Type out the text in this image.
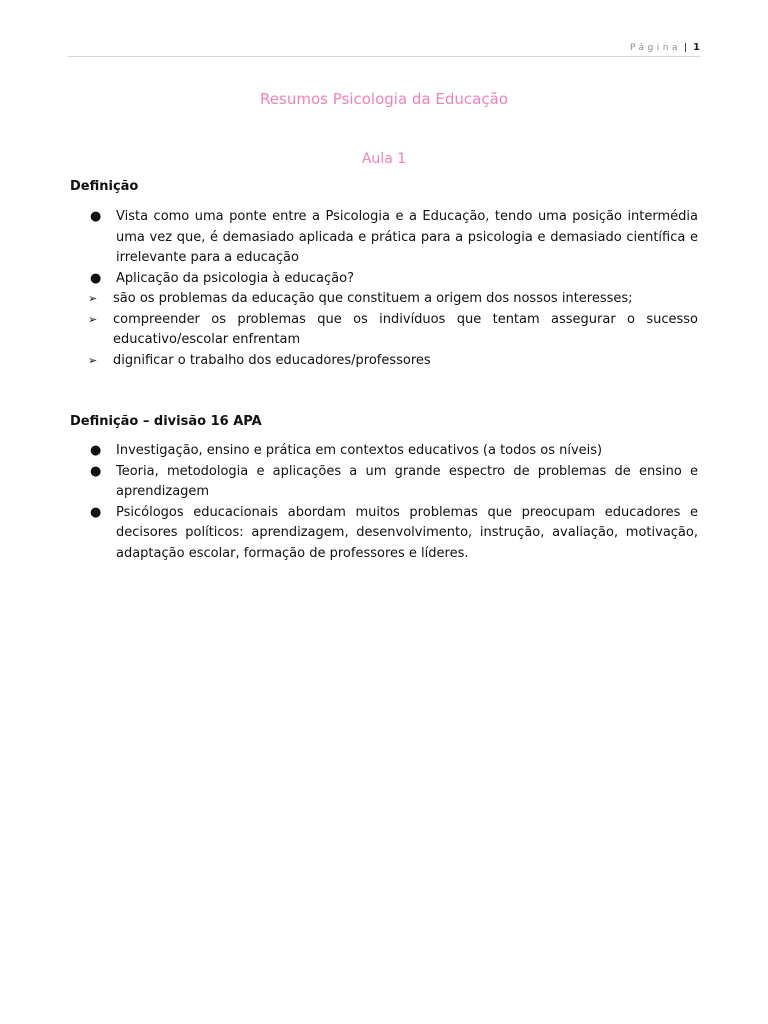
Página | 1
Resumos Psicologia da Educação
Aula 1
Definição
● Vista como uma ponte entre a Psicologia e a Educação, tendo uma posição intermédia uma vez que, é demasiado aplicada e prática para a psicologia e demasiado científica e irrelevante para a educação
● Aplicação da psicologia à educação?
➢ são os problemas da educação que constituem a origem dos nossos interesses;
➢ compreender os problemas que os indivíduos que tentam assegurar o sucesso educativo/escolar enfrentam
➢ dignificar o trabalho dos educadores/professores
Definição – divisão 16 APA
● Investigação, ensino e prática em contextos educativos (a todos os níveis)
● Teoria, metodologia e aplicações a um grande espectro de problemas de ensino e aprendizagem
● Psicólogos educacionais abordam muitos problemas que preocupam educadores e decisores políticos: aprendizagem, desenvolvimento, instrução, avaliação, motivação, adaptação escolar, formação de professores e líderes.
